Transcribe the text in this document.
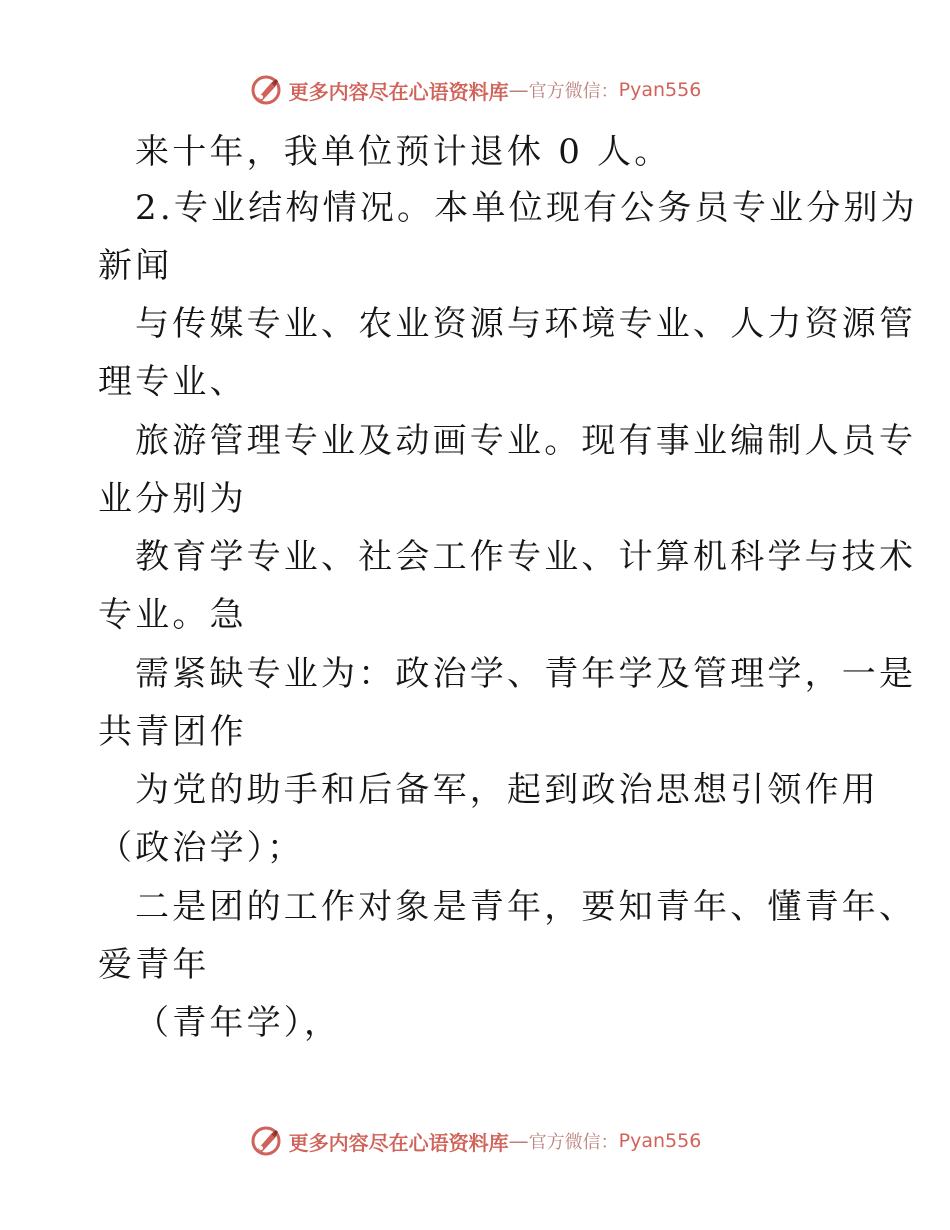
更多内容尽在心语资料库 — 官方微信： Pyan556
来十年，我单位预计退休 0 人。
2.专业结构情况。本单位现有公务员专业分别为
新闻
与传媒专业、农业资源与环境专业、人力资源管
理专业、
旅游管理专业及动画专业。现有事业编制人员专
业分别为
教育学专业、社会工作专业、计算机科学与技术
专业。急
需紧缺专业为：政治学、青年学及管理学，一是
共青团作
为党的助手和后备军，起到政治思想引领作用
（政治学）；
二是团的工作对象是青年，要知青年、懂青年、
爱青年
（青年学），
更多内容尽在心语资料库 — 官方微信： Pyan556
